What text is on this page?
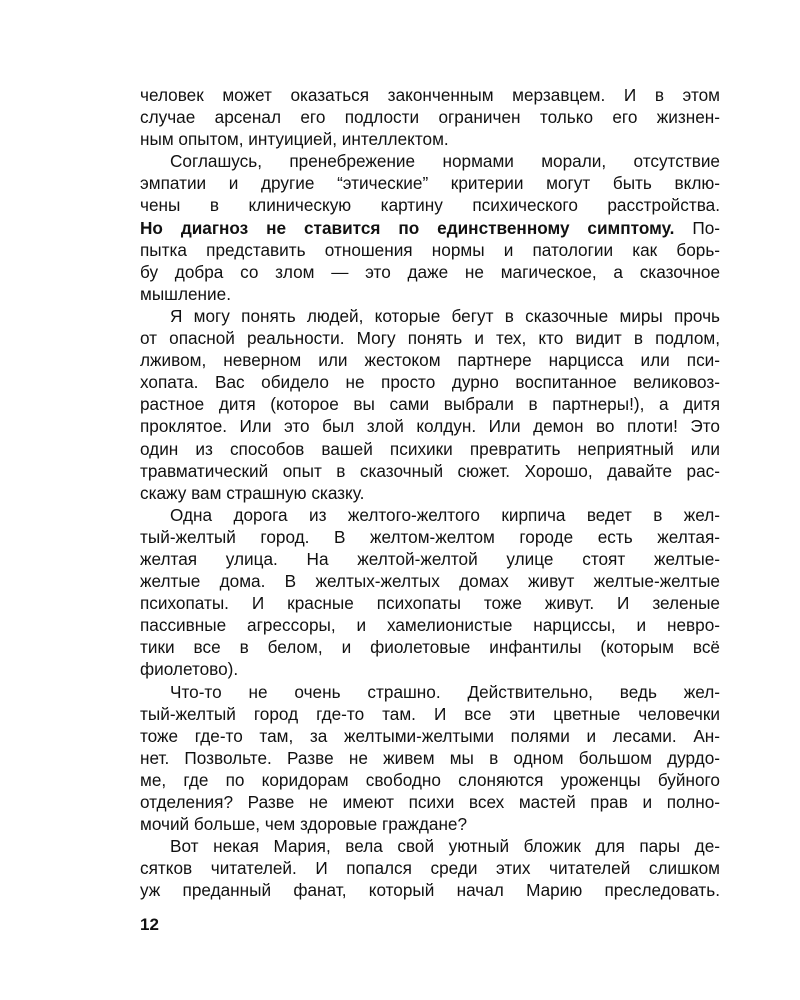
человек может оказаться законченным мерзавцем. И в этом
случае арсенал его подлости ограничен только его жизнен-
ным опытом, интуицией, интеллектом.
Соглашусь, пренебрежение нормами морали, отсутствие
эмпатии и другие “этические” критерии могут быть вклю-
чены в клиническую картину психического расстройства.
Но диагноз не ставится по единственному симптому. По-
пытка представить отношения нормы и патологии как борь-
бу добра со злом — это даже не магическое, а сказочное
мышление.
Я могу понять людей, которые бегут в сказочные миры прочь
от опасной реальности. Могу понять и тех, кто видит в подлом,
лживом, неверном или жестоком партнере нарцисса или пси-
хопата. Вас обидело не просто дурно воспитанное великовоз-
растное дитя (которое вы сами выбрали в партнеры!), а дитя
проклятое. Или это был злой колдун. Или демон во плоти! Это
один из способов вашей психики превратить неприятный или
травматический опыт в сказочный сюжет. Хорошо, давайте рас-
скажу вам страшную сказку.
Одна дорога из желтого-желтого кирпича ведет в жел-
тый-желтый город. В желтом-желтом городе есть желтая-
желтая улица. На желтой-желтой улице стоят желтые-
желтые дома. В желтых-желтых домах живут желтые-желтые
психопаты. И красные психопаты тоже живут. И зеленые
пассивные агрессоры, и хамелионистые нарциссы, и невро-
тики все в белом, и фиолетовые инфантилы (которым всё
фиолетово).
Что-то не очень страшно. Действительно, ведь жел-
тый-желтый город где-то там. И все эти цветные человечки
тоже где-то там, за желтыми-желтыми полями и лесами. Ан-
нет. Позвольте. Разве не живем мы в одном большом дурдо-
ме, где по коридорам свободно слоняются уроженцы буйного
отделения? Разве не имеют психи всех мастей прав и полно-
мочий больше, чем здоровые граждане?
Вот некая Мария, вела свой уютный бложик для пары де-
сятков читателей. И попался среди этих читателей слишком
уж преданный фанат, который начал Марию преследовать.
12
